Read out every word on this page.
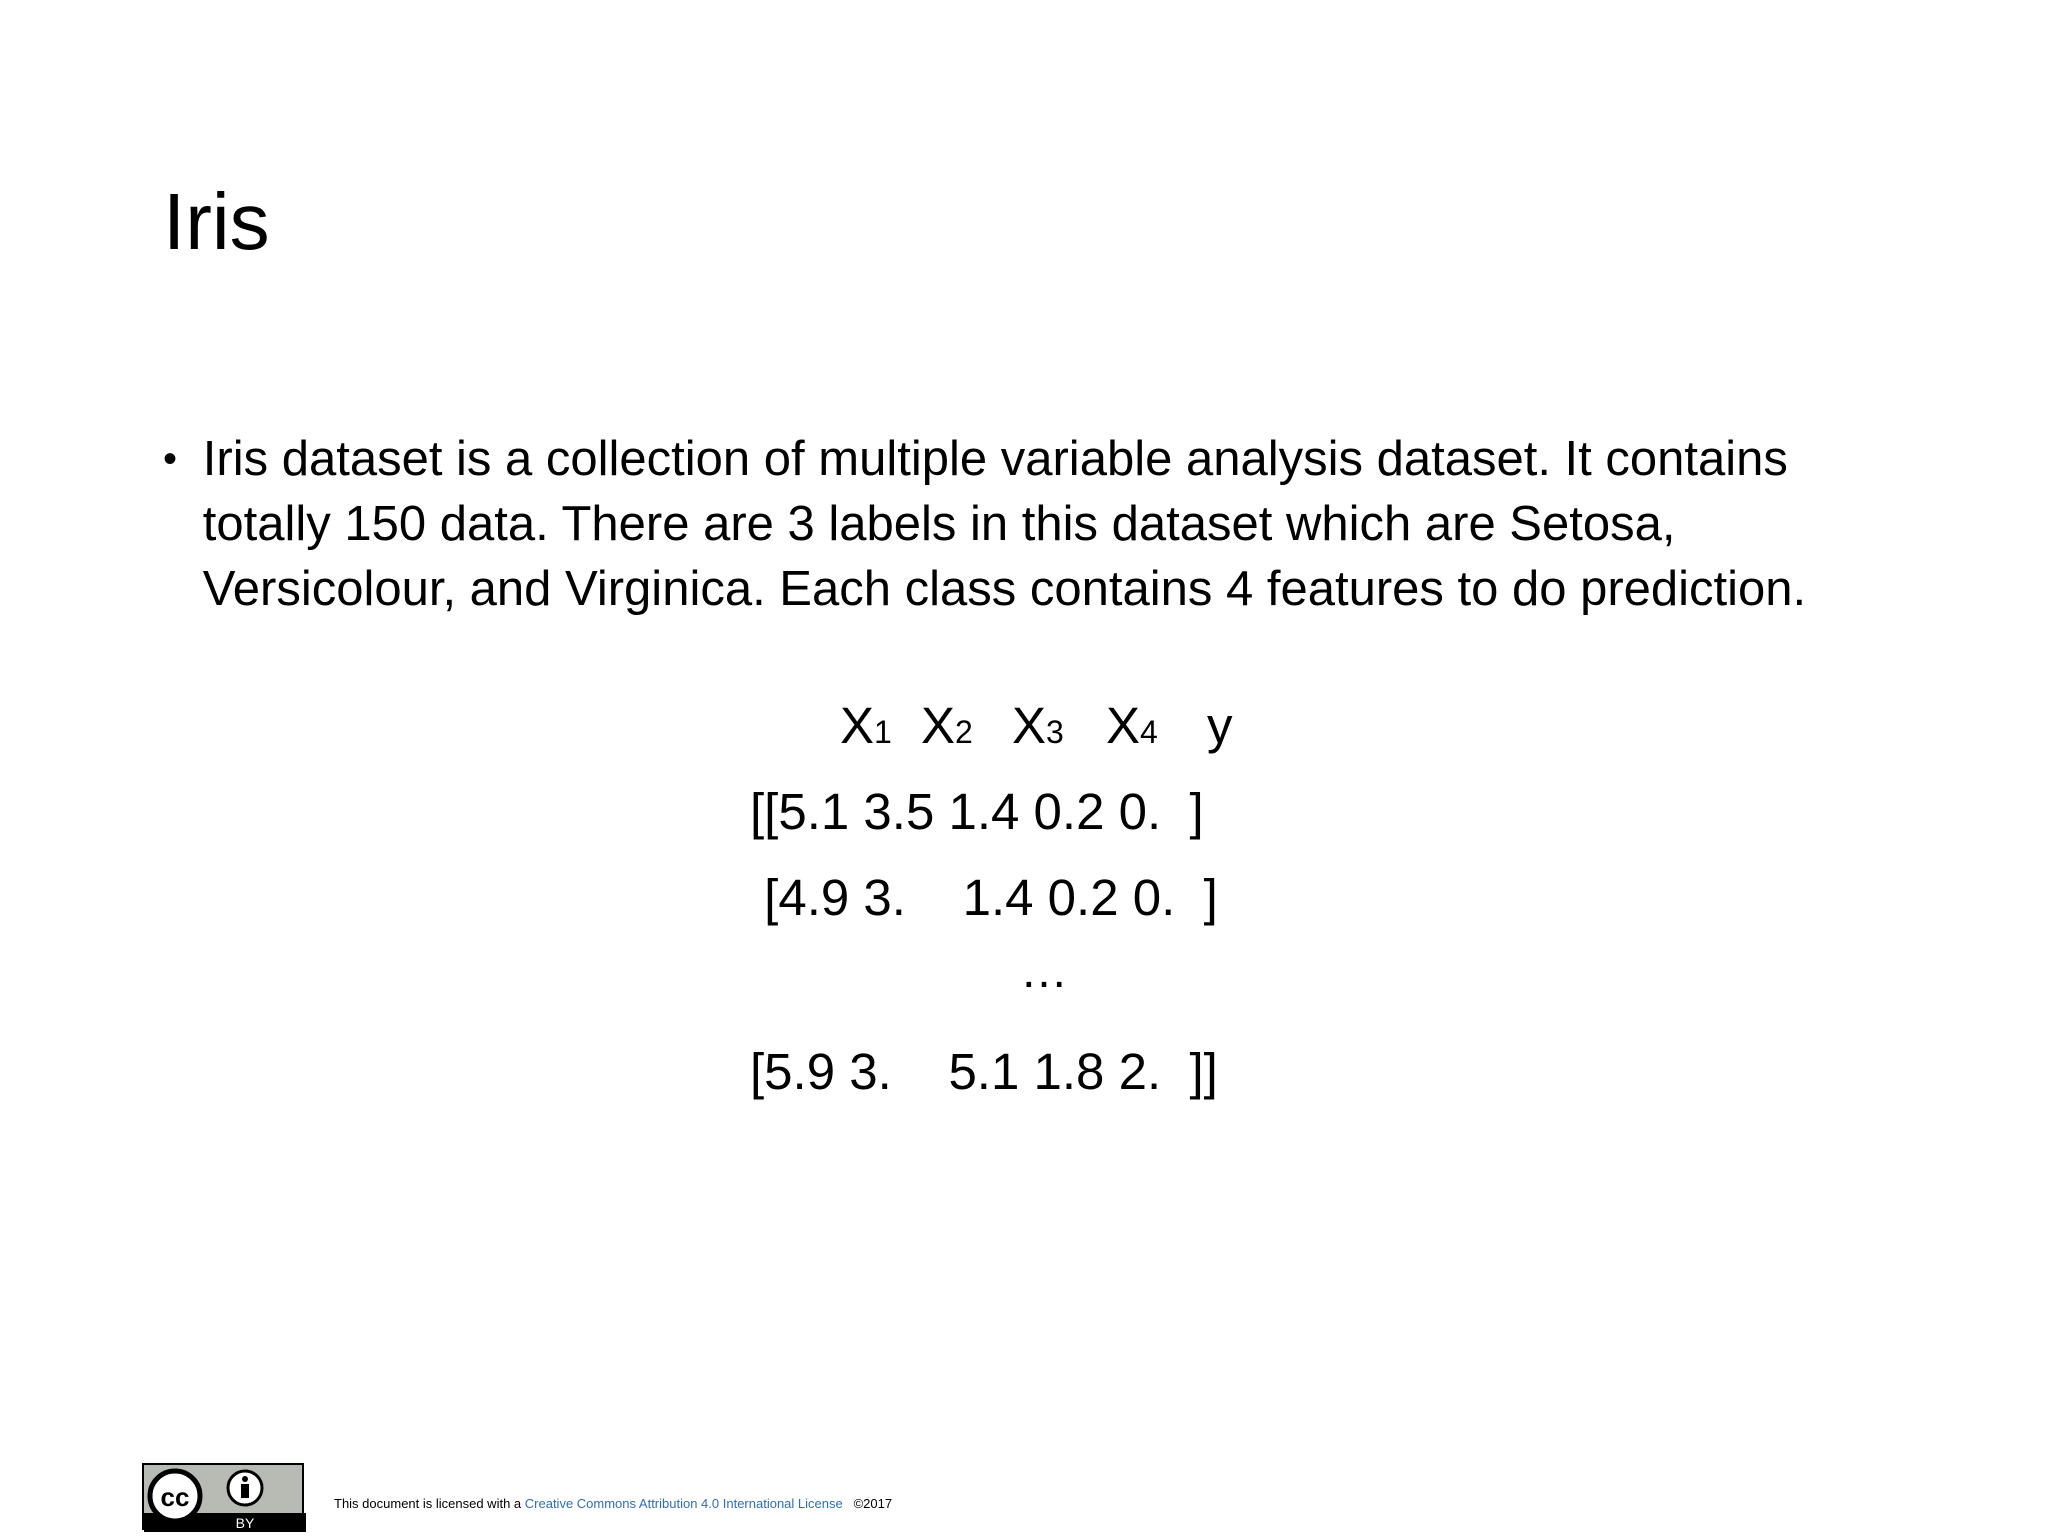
Iris
• Iris dataset is a collection of multiple variable analysis dataset. It contains totally 150 data. There are 3 labels in this dataset which are Setosa, Versicolour, and Virginica. Each class contains 4 features to do prediction.
X1 X2 X3 X4 y
[[5.1 3.5 1.4 0.2 0.  ]
[4.9 3.    1.4 0.2 0.  ]
…
[5.9 3.    5.1 1.8 2.  ]]
cc
BY
This document is licensed with a Creative Commons Attribution 4.0 International License ©2017
